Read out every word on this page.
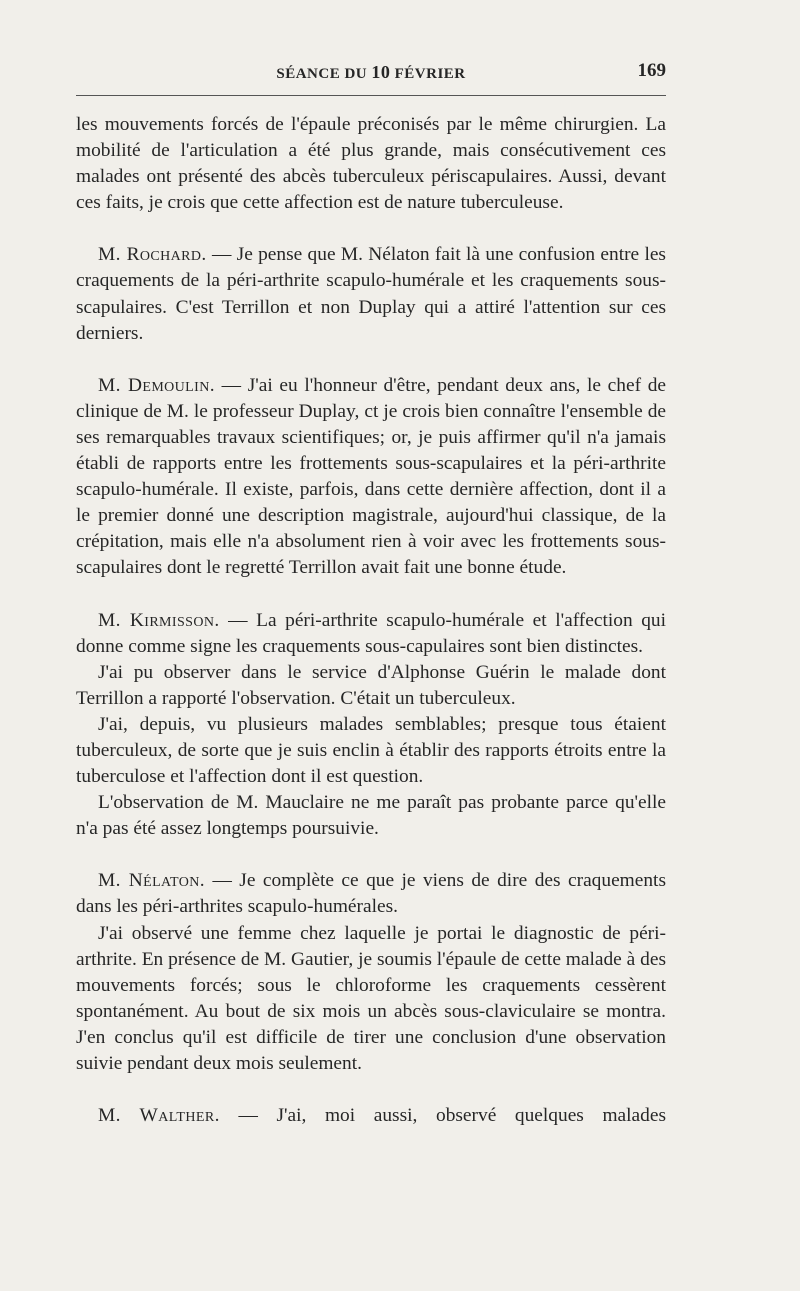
SÉANCE DU 10 FÉVRIER	169

les mouvements forcés de l'épaule préconisés par le même chirurgien. La mobilité de l'articulation a été plus grande, mais consécutivement ces malades ont présenté des abcès tuberculeux périscapulaires. Aussi, devant ces faits, je crois que cette affection est de nature tuberculeuse.

M. Rochard. — Je pense que M. Nélaton fait là une confusion entre les craquements de la péri-arthrite scapulo-humérale et les craquements sous-scapulaires. C'est Terrillon et non Duplay qui a attiré l'attention sur ces derniers.

M. Demoulin. — J'ai eu l'honneur d'être, pendant deux ans, le chef de clinique de M. le professeur Duplay, ct je crois bien connaître l'ensemble de ses remarquables travaux scientifiques; or, je puis affirmer qu'il n'a jamais établi de rapports entre les frottements sous-scapulaires et la péri-arthrite scapulo-humérale. Il existe, parfois, dans cette dernière affection, dont il a le premier donné une description magistrale, aujourd'hui classique, de la crépitation, mais elle n'a absolument rien à voir avec les frottements sous-scapulaires dont le regretté Terrillon avait fait une bonne étude.

M. Kirmisson. — La péri-arthrite scapulo-humérale et l'affection qui donne comme signe les craquements sous-capulaires sont bien distinctes.

J'ai pu observer dans le service d'Alphonse Guérin le malade dont Terrillon a rapporté l'observation. C'était un tuberculeux.

J'ai, depuis, vu plusieurs malades semblables; presque tous étaient tuberculeux, de sorte que je suis enclin à établir des rapports étroits entre la tuberculose et l'affection dont il est question.

L'observation de M. Mauclaire ne me paraît pas probante parce qu'elle n'a pas été assez longtemps poursuivie.

M. Nélaton. — Je complète ce que je viens de dire des craquements dans les péri-arthrites scapulo-humérales.

J'ai observé une femme chez laquelle je portai le diagnostic de péri-arthrite. En présence de M. Gautier, je soumis l'épaule de cette malade à des mouvements forcés; sous le chloroforme les craquements cessèrent spontanément. Au bout de six mois un abcès sous-claviculaire se montra. J'en conclus qu'il est difficile de tirer une conclusion d'une observation suivie pendant deux mois seulement.

M. Walther. — J'ai, moi aussi, observé quelques malades
